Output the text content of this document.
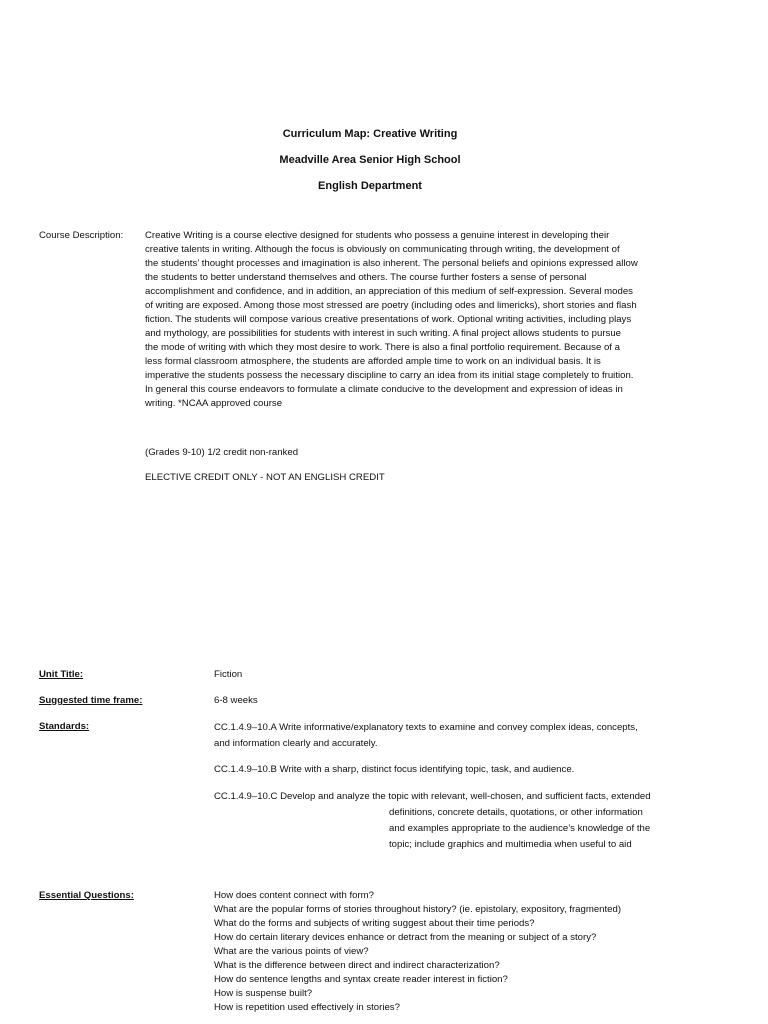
Curriculum Map: Creative Writing
Meadville Area Senior High School
English Department
Course Description: Creative Writing is a course elective designed for students who possess a genuine interest in developing their
creative talents in writing. Although the focus is obviously on communicating through writing, the development of
the students’ thought processes and imagination is also inherent. The personal beliefs and opinions expressed allow
the students to better understand themselves and others. The course further fosters a sense of personal
accomplishment and confidence, and in addition, an appreciation of this medium of self-expression. Several modes
of writing are exposed. Among those most stressed are poetry (including odes and limericks), short stories and flash
fiction. The students will compose various creative presentations of work. Optional writing activities, including plays
and mythology, are possibilities for students with interest in such writing. A final project allows students to pursue
the mode of writing with which they most desire to work. There is also a final portfolio requirement. Because of a
less formal classroom atmosphere, the students are afforded ample time to work on an individual basis. It is
imperative the students possess the necessary discipline to carry an idea from its initial stage completely to fruition.
In general this course endeavors to formulate a climate conducive to the development and expression of ideas in
writing. *NCAA approved course
(Grades 9-10) 1/2 credit non-ranked
ELECTIVE CREDIT ONLY - NOT AN ENGLISH CREDIT
Unit Title:	Fiction
Suggested time frame:	6-8 weeks
Standards:	CC.1.4.9–10.A Write informative/explanatory texts to examine and convey complex ideas, concepts,
and information clearly and accurately.
CC.1.4.9–10.B Write with a sharp, distinct focus identifying topic, task, and audience.
CC.1.4.9–10.C Develop and analyze the topic with relevant, well-chosen, and sufficient facts, extended
definitions, concrete details, quotations, or other information
and examples appropriate to the audience’s knowledge of the
topic; include graphics and multimedia when useful to aid
Essential Questions:	How does content connect with form?
What are the popular forms of stories throughout history? (ie. epistolary, expository, fragmented)
What do the forms and subjects of writing suggest about their time periods?
How do certain literary devices enhance or detract from the meaning or subject of a story?
What are the various points of view?
What is the difference between direct and indirect characterization?
How do sentence lengths and syntax create reader interest in fiction?
How is suspense built?
How is repetition used effectively in stories?
